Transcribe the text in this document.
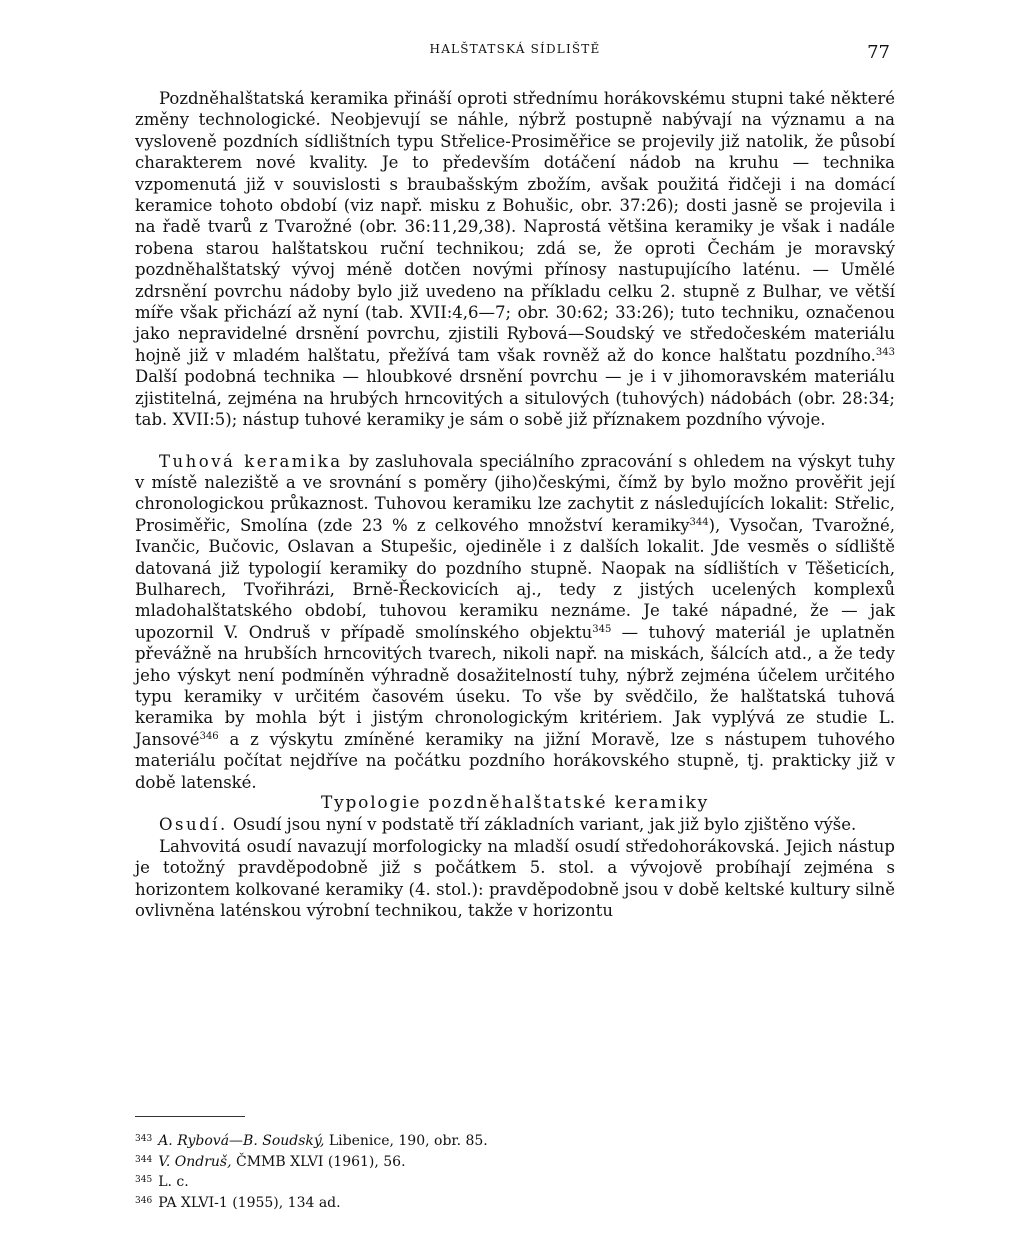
HALŠTATSKÁ SÍDLIŠTĚ	77

Pozdněhalštatská keramika přináší oproti střednímu horákovskému stupni také některé změny technologické. Neobjevují se náhle, nýbrž postupně nabývají na významu a na vysloveně pozdních sídlištních typu Střelice-Prosiměřice se projevily již natolik, že působí charakterem nové kvality. Je to především dotáčení nádob na kruhu — technika vzpomenutá již v souvislosti s braubašským zbožím, avšak použitá řidčeji i na domácí keramice tohoto období (viz např. misku z Bohušic, obr. 37:26); dosti jasně se projevila i na řadě tvarů z Tvarožné (obr. 36:11,29,38). Naprostá většina keramiky je však i nadále robena starou halštatskou ruční technikou; zdá se, že oproti Čechám je moravský pozdněhalštatský vývoj méně dotčen novými přínosy nastupujícího laténu. — Umělé zdrsnění povrchu nádoby bylo již uvedeno na příkladu celku 2. stupně z Bulhar, ve větší míře však přichází až nyní (tab. XVII:4,6—7; obr. 30:62; 33:26); tuto techniku, označenou jako nepravidelné drsnění povrchu, zjistili Rybová—Soudský ve středočeském materiálu hojně již v mladém halštatu, přežívá tam však rovněž až do konce halštatu pozdního.$^{343}$ Další podobná technika — hloubkové drsnění povrchu — je i v jihomoravském materiálu zjistitelná, zejména na hrubých hrncovitých a situlových (tuhových) nádobách (obr. 28:34; tab. XVII:5); nástup tuhové keramiky je sám o sobě již příznakem pozdního vývoje.

Tuhová keramika by zasluhovala speciálního zpracování s ohledem na výskyt tuhy v místě naleziště a ve srovnání s poměry (jiho)českými, čímž by bylo možno prověřit její chronologickou průkaznost. Tuhovou keramiku lze zachytit z následujících lokalit: Střelic, Prosiměřic, Smolína (zde 23 % z celkového množství keramiky$^{344}$), Vysočan, Tvarožné, Ivančic, Bučovic, Oslavan a Stupešic, ojediněle i z dalších lokalit. Jde vesměs o sídliště datovaná již typologií keramiky do pozdního stupně. Naopak na sídlištích v Těšeticích, Bulharech, Tvořihrázi, Brně-Řeckovicích aj., tedy z jistých ucelených komplexů mladohalštatského období, tuhovou keramiku neznáme. Je také nápadné, že — jak upozornil V. Ondruš v případě smolínského objektu$^{345}$ — tuhový materiál je uplatněn převážně na hrubších hrncovitých tvarech, nikoli např. na miskách, šálcích atd., a že tedy jeho výskyt není podmíněn výhradně dosažitelností tuhy, nýbrž zejména účelem určitého typu keramiky v určitém časovém úseku. To vše by svědčilo, že halštatská tuhová keramika by mohla být i jistým chronologickým kritériem. Jak vyplývá ze studie L. Jansové$^{346}$ a z výskytu zmíněné keramiky na jižní Moravě, lze s nástupem tuhového materiálu počítat nejdříve na počátku pozdního horákovského stupně, tj. prakticky již v době latenské.

Typologie pozdněhalštatské keramiky

Osudí. Osudí jsou nyní v podstatě tří základních variant, jak již bylo zjištěno výše.

Lahvovitá osudí navazují morfologicky na mladší osudí středohorákovská. Jejich nástup je totožný pravděpodobně již s počátkem 5. stol. a vývojově probíhají zejména s horizontem kolkované keramiky (4. stol.): pravděpodobně jsou v době keltské kultury silně ovlivněna laténskou výrobní technikou, takže v horizontu

$^{343}$ A. Rybová—B. Soudský, Libenice, 190, obr. 85.

$^{344}$ V. Ondruš, ČMMB XLVI (1961), 56.

$^{345}$ L. c.

$^{346}$ PA XLVI-1 (1955), 134 ad.
